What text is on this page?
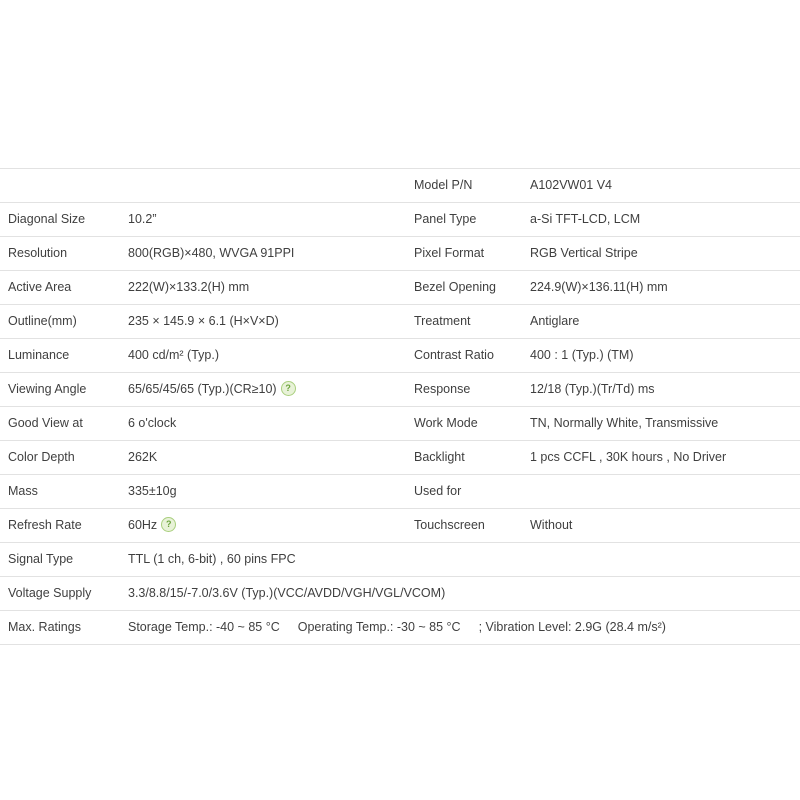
		Model P/N	A102VW01 V4
Diagonal Size	10.2”	Panel Type	a-Si TFT-LCD, LCM
Resolution	800(RGB)×480, WVGA 91PPI	Pixel Format	RGB Vertical Stripe
Active Area	222(W)×133.2(H) mm	Bezel Opening	224.9(W)×136.11(H) mm
Outline(mm)	235 × 145.9 × 6.1 (H×V×D)	Treatment	Antiglare
Luminance	400 cd/m² (Typ.)	Contrast Ratio	400 : 1 (Typ.) (TM)
Viewing Angle	65/65/45/65 (Typ.)(CR≥10) ?	Response	12/18 (Typ.)(Tr/Td) ms
Good View at	6 o'clock	Work Mode	TN, Normally White, Transmissive
Color Depth	262K	Backlight	1 pcs CCFL , 30K hours , No Driver
Mass	335±10g	Used for	
Refresh Rate	60Hz ?	Touchscreen	Without
Signal Type	TTL (1 ch, 6-bit) , 60 pins FPC		
Voltage Supply	3.3/8.8/15/-7.0/3.6V (Typ.)(VCC/AVDD/VGH/VGL/VCOM)		
Max. Ratings	Storage Temp.: -40 ~ 85 °C Operating Temp.: -30 ~ 85 °C ; Vibration Level: 2.9G (28.4 m/s²)		
